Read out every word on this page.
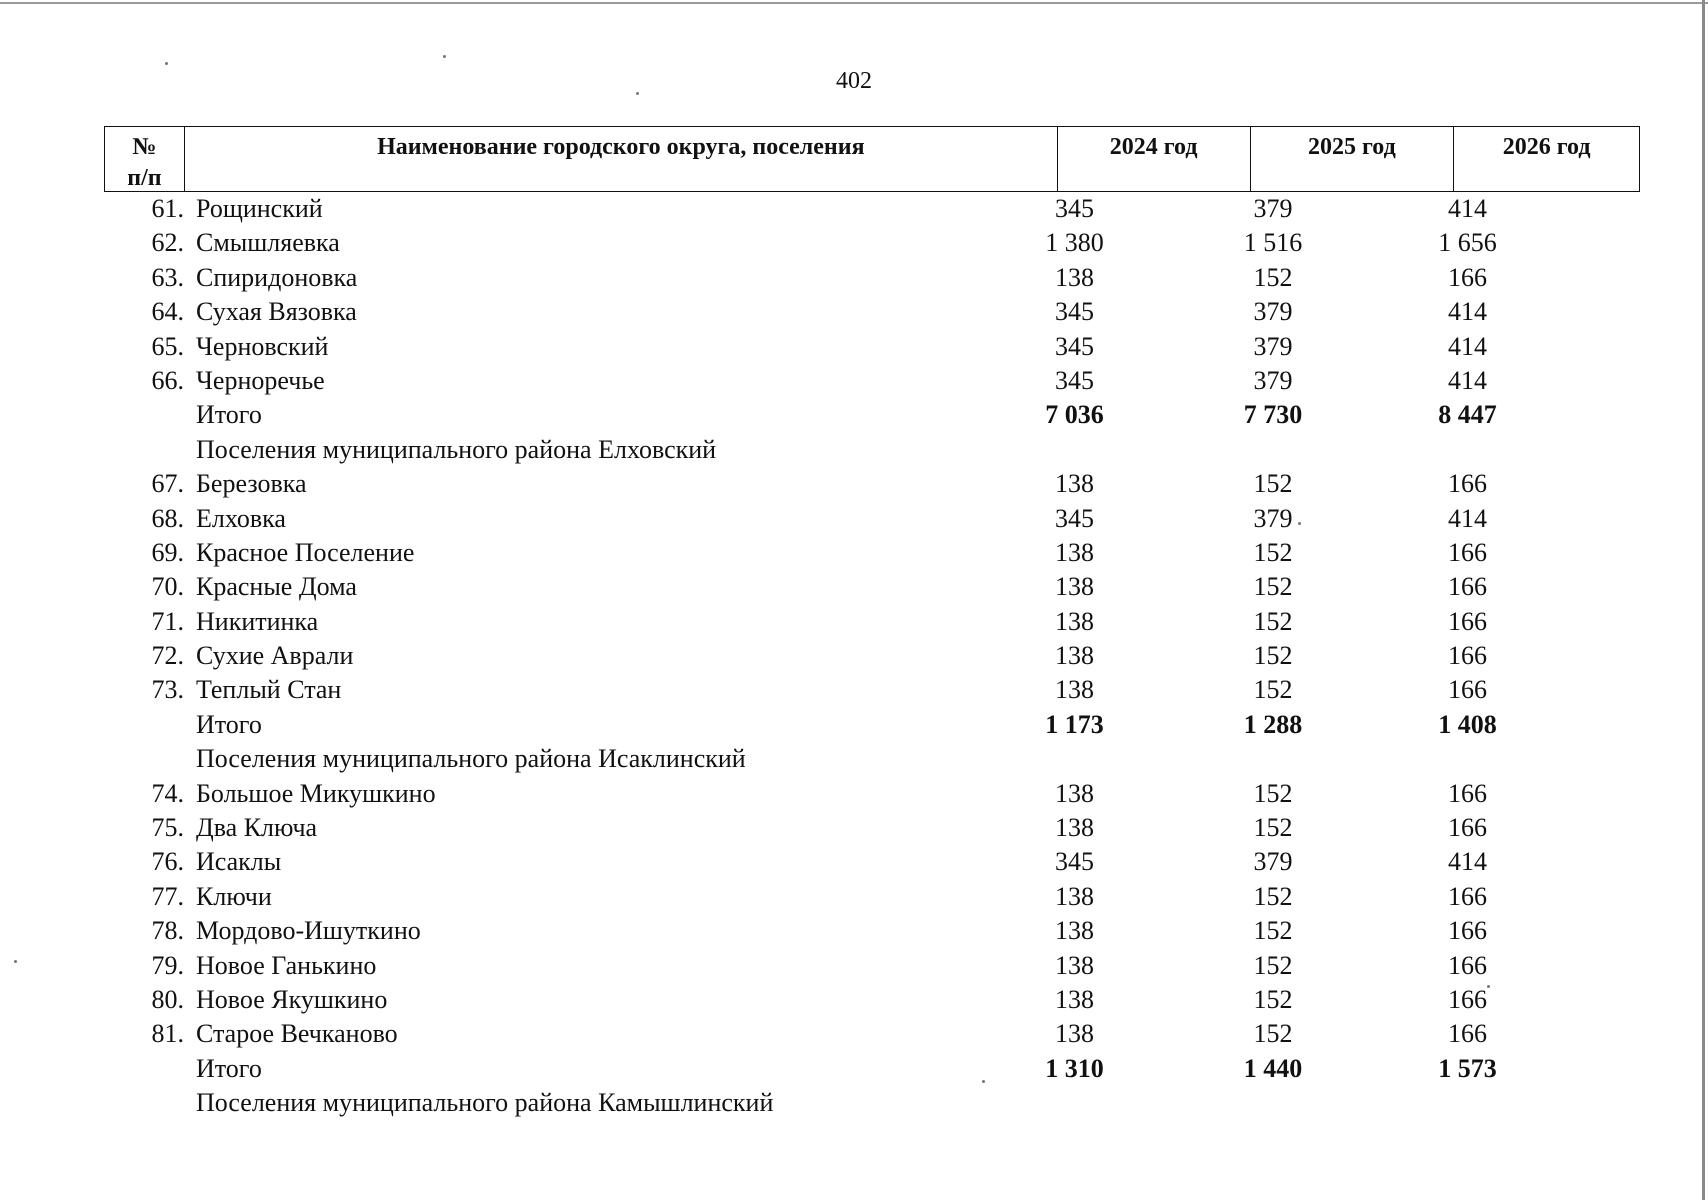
402
№
п/п
Наименование городского округа, поселения	2024 год	2025 год	2026 год
61. Рощинский	345	379	414
62. Смышляевка	1 380	1 516	1 656
63. Спиридоновка	138	152	166
64. Сухая Вязовка	345	379	414
65. Черновский	345	379	414
66. Черноречье	345	379	414
Итого	7 036	7 730	8 447
Поселения муниципального района Елховский
67. Березовка	138	152	166
68. Елховка	345	379	414
69. Красное Поселение	138	152	166
70. Красные Дома	138	152	166
71. Никитинка	138	152	166
72. Сухие Аврали	138	152	166
73. Теплый Стан	138	152	166
Итого	1 173	1 288	1 408
Поселения муниципального района Исаклинский
74. Большое Микушкино	138	152	166
75. Два Ключа	138	152	166
76. Исаклы	345	379	414
77. Ключи	138	152	166
78. Мордово-Ишуткино	138	152	166
79. Новое Ганькино	138	152	166
80. Новое Якушкино	138	152	166
81. Старое Вечканово	138	152	166
Итого	1 310	1 440	1 573
Поселения муниципального района Камышлинский
